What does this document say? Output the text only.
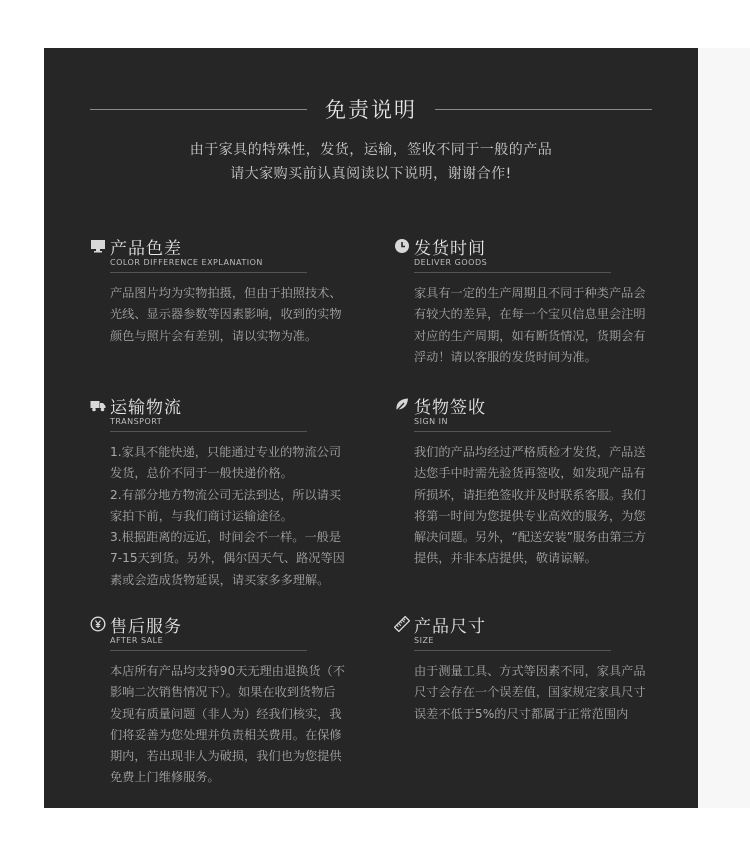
免责说明
由于家具的特殊性，发货，运输，签收不同于一般的产品
请大家购买前认真阅读以下说明，谢谢合作!
产品色差
COLOR DIFFERENCE EXPLANATION
产品图片均为实物拍摄，但由于拍照技术、
光线、显示器参数等因素影响，收到的实物
颜色与照片会有差别，请以实物为准。
发货时间
DELIVER GOODS
家具有一定的生产周期且不同于种类产品会
有较大的差异，在每一个宝贝信息里会注明
对应的生产周期，如有断货情况，货期会有
浮动！请以客服的发货时间为准。
运输物流
TRANSPORT
1.家具不能快递，只能通过专业的物流公司
发货，总价不同于一般快递价格。
2.有部分地方物流公司无法到达，所以请买
家拍下前，与我们商讨运输途径。
3.根据距离的远近，时间会不一样。一般是
7-15天到货。另外，偶尔因天气、路况等因
素或会造成货物延误，请买家多多理解。
货物签收
SIGN IN
我们的产品均经过严格质检才发货，产品送
达您手中时需先验货再签收，如发现产品有
所损坏，请拒绝签收并及时联系客服。我们
将第一时间为您提供专业高效的服务，为您
解决问题。另外，“配送安装”服务由第三方
提供，并非本店提供，敬请谅解。
售后服务
AFTER SALE
本店所有产品均支持90天无理由退换货（不
影响二次销售情况下）。如果在收到货物后
发现有质量问题（非人为）经我们核实，我
们将妥善为您处理并负责相关费用。在保修
期内，若出现非人为破损，我们也为您提供
免费上门维修服务。
产品尺寸
SIZE
由于测量工具、方式等因素不同，家具产品
尺寸会存在一个误差值，国家规定家具尺寸
误差不低于5%的尺寸都属于正常范围内
